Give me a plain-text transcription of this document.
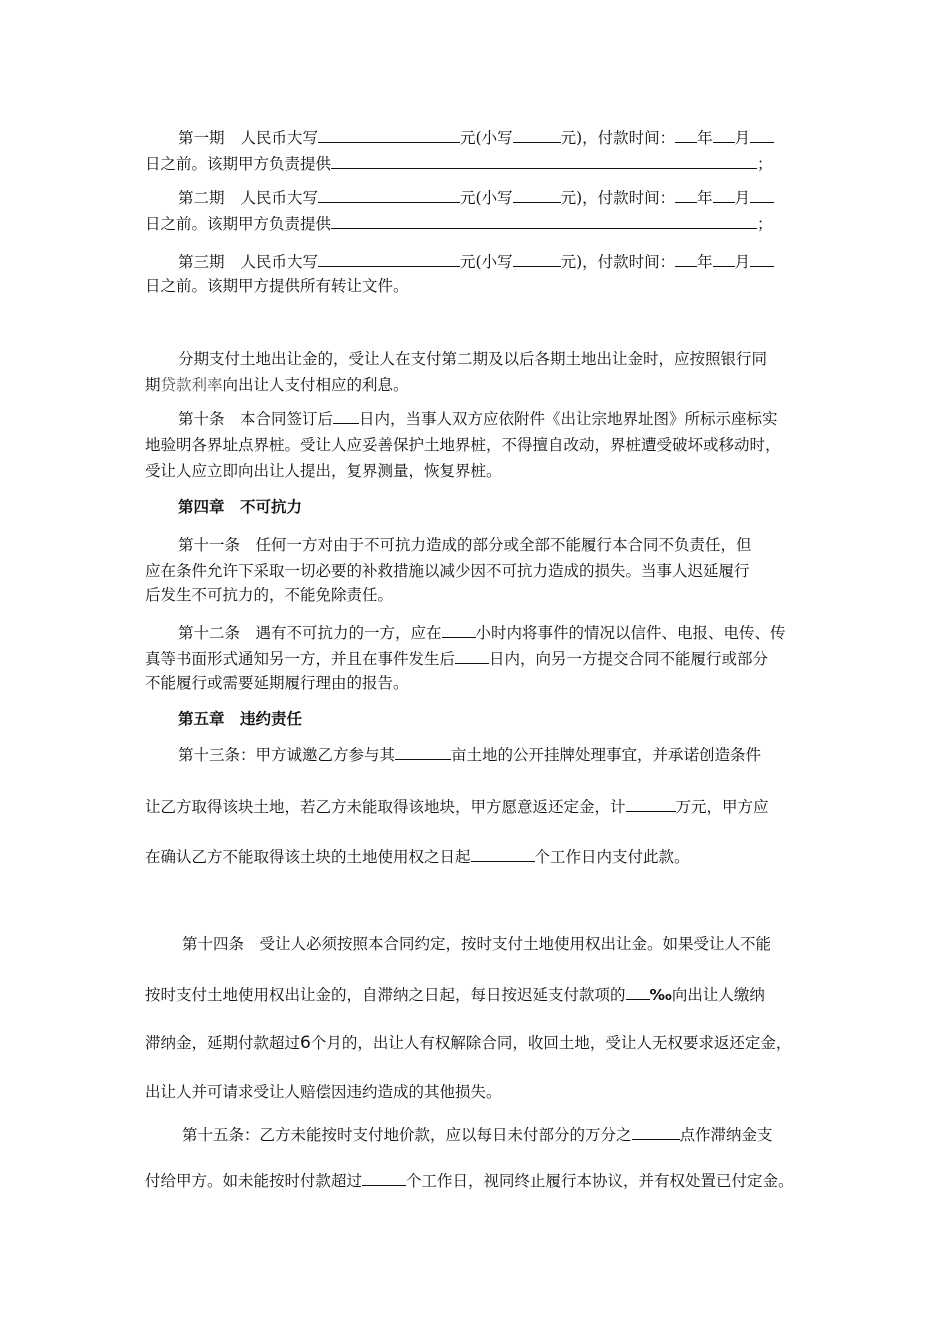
第一期 人民币大写	元(小写	元)，付款时间： 年 月
日之前。该期甲方负责提供	；
第二期 人民币大写	元(小写	元)，付款时间： 年 月
日之前。该期甲方负责提供	；
第三期 人民币大写	元(小写	元)，付款时间： 年 月
日之前。该期甲方提供所有转让文件。
分期支付土地出让金的，受让人在支付第二期及以后各期土地出让金时，应按照银行同
期贷款利率向出让人支付相应的利息。
第十条　本合同签订后 日内，当事人双方应依附件《出让宗地界址图》所标示座标实
地验明各界址点界桩。受让人应妥善保护土地界桩，不得擅自改动，界桩遭受破坏或移动时，
受让人应立即向出让人提出，复界测量，恢复界桩。
第四章　不可抗力
第十一条　任何一方对由于不可抗力造成的部分或全部不能履行本合同不负责任，但
应在条件允许下采取一切必要的补救措施以减少因不可抗力造成的损失。当事人迟延履行
后发生不可抗力的，不能免除责任。
第十二条　遇有不可抗力的一方，应在 小时内将事件的情况以信件、电报、电传、传
真等书面形式通知另一方，并且在事件发生后 日内，向另一方提交合同不能履行或部分
不能履行或需要延期履行理由的报告。
第五章　违约责任
第十三条：甲方诚邀乙方参与其	亩土地的公开挂牌处理事宜，并承诺创造条件
让乙方取得该块土地，若乙方未能取得该地块，甲方愿意返还定金，计	万元，甲方应
在确认乙方不能取得该土块的土地使用权之日起	个工作日内支付此款。
第十四条　受让人必须按照本合同约定，按时支付土地使用权出让金。如果受让人不能
按时支付土地使用权出让金的，自滞纳之日起，每日按迟延支付款项的 ‰向出让人缴纳
滞纳金，延期付款超过6个月的，出让人有权解除合同，收回土地，受让人无权要求返还定金，
出让人并可请求受让人赔偿因违约造成的其他损失。
第十五条：乙方未能按时支付地价款，应以每日未付部分的万分之	点作滞纳金支
付给甲方。如未能按时付款超过	个工作日，视同终止履行本协议，并有权处置已付定金。
